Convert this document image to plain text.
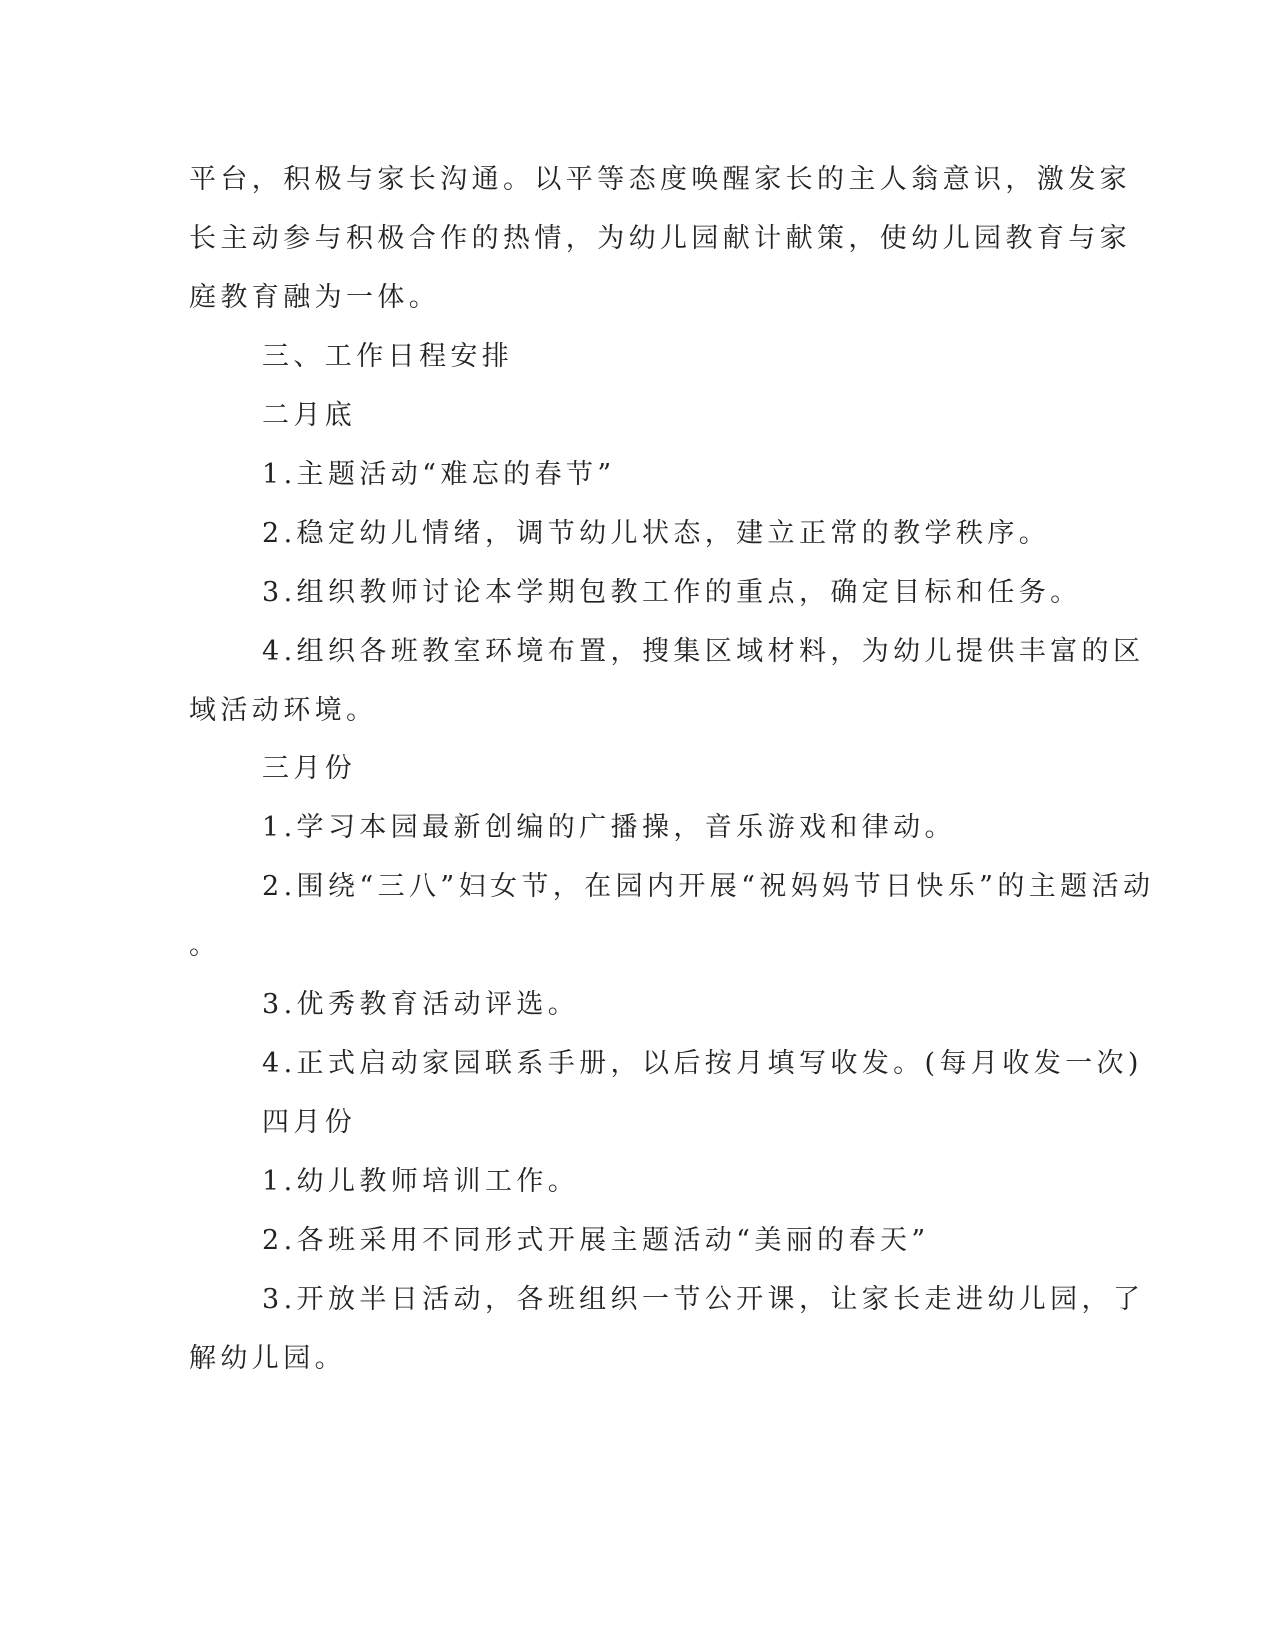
平台，积极与家长沟通。以平等态度唤醒家长的主人翁意识，激发家
长主动参与积极合作的热情，为幼儿园献计献策，使幼儿园教育与家
庭教育融为一体。
三、工作日程安排
二月底
1.主题活动“难忘的春节”
2.稳定幼儿情绪，调节幼儿状态，建立正常的教学秩序。
3.组织教师讨论本学期包教工作的重点，确定目标和任务。
4.组织各班教室环境布置，搜集区域材料，为幼儿提供丰富的区
域活动环境。
三月份
1.学习本园最新创编的广播操，音乐游戏和律动。
2.围绕“三八”妇女节，在园内开展“祝妈妈节日快乐”的主题活动
。
3.优秀教育活动评选。
4.正式启动家园联系手册，以后按月填写收发。(每月收发一次)
四月份
1.幼儿教师培训工作。
2.各班采用不同形式开展主题活动“美丽的春天”
3.开放半日活动，各班组织一节公开课，让家长走进幼儿园，了
解幼儿园。
